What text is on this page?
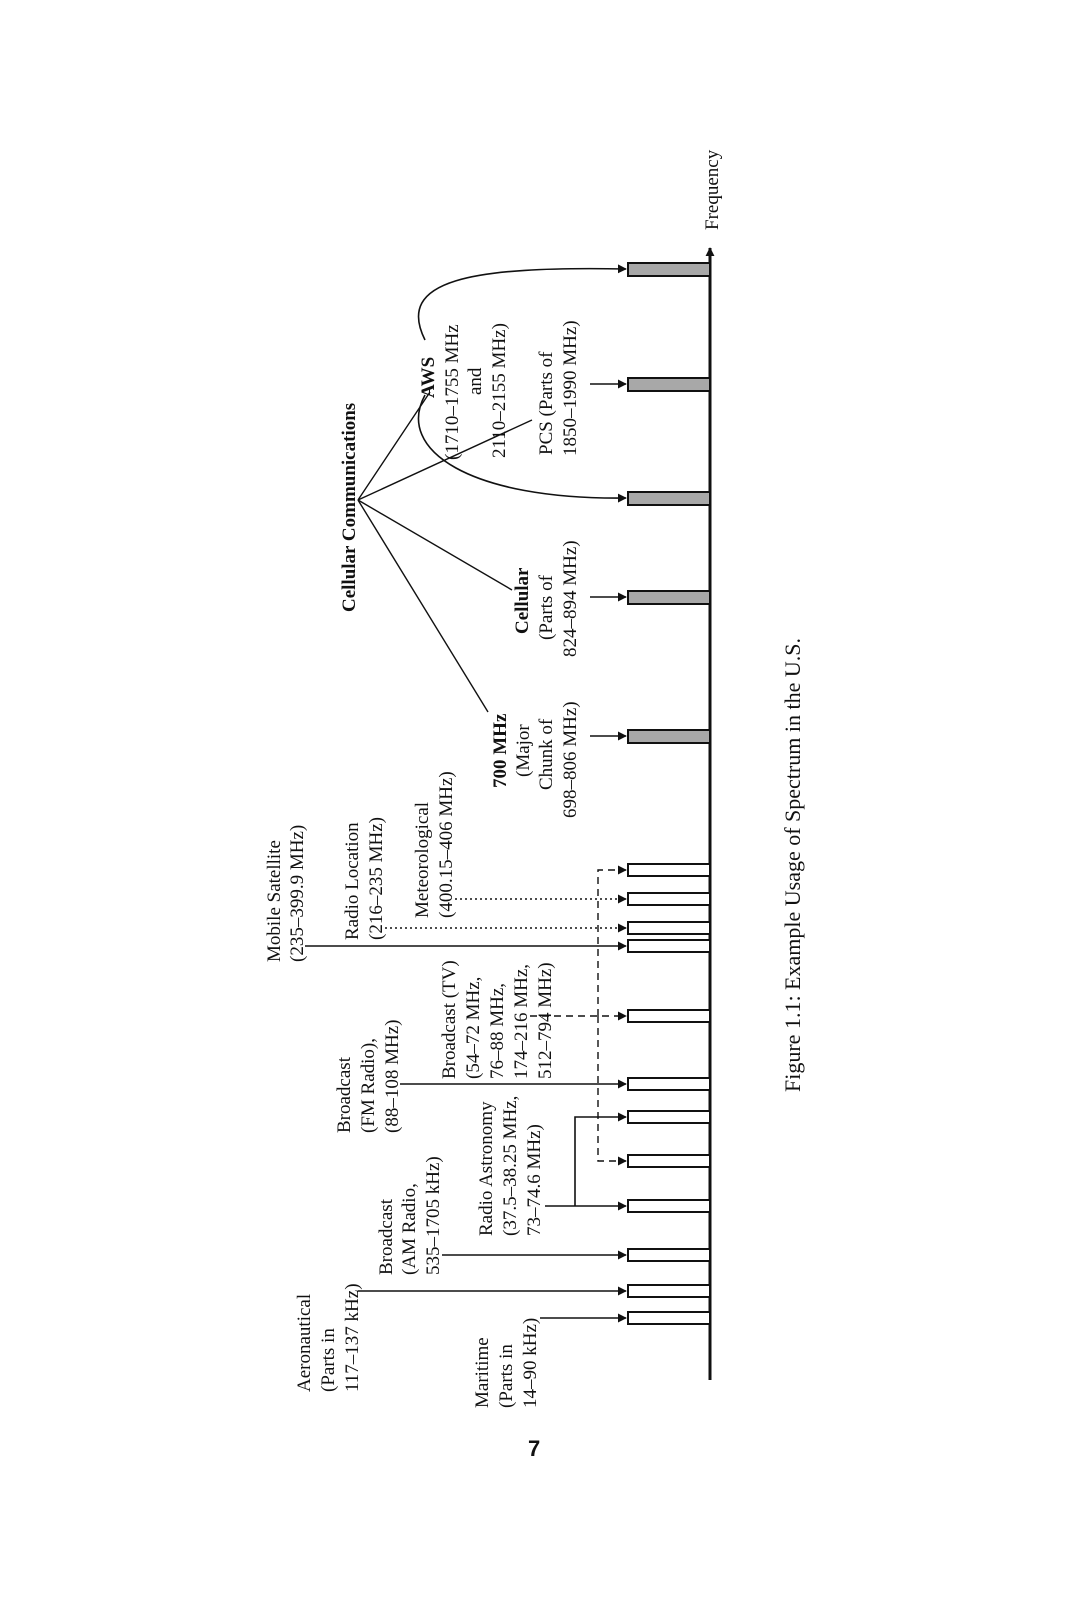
Frequency
Cellular Communications
700 MHz (Major Chunk of 698–806 MHz)
Cellular (Parts of 824–894 MHz)
AWS (1710–1755 MHz and 2110–2155 MHz) PCS (Parts of 1850–1990 MHz)
Aeronautical (Parts in 117–137 kHz)	Maritime (Parts in 14–90 kHz)
Broadcast (AM Radio, 535–1705 kHz) Radio Astronomy (37.5–38.25 MHz, 73–74.6 MHz)
Broadcast (FM Radio), (88–108 MHz) Broadcast (TV) (54–72 MHz, 76–88 MHz, 174–216 MHz, 512–794 MHz)
Mobile Satellite (235–399.9 MHz) Radio Location (216–235 MHz) Meteorological (400.15–406 MHz)	Figure 1.1: Example Usage of Spectrum in the U.S.
7
